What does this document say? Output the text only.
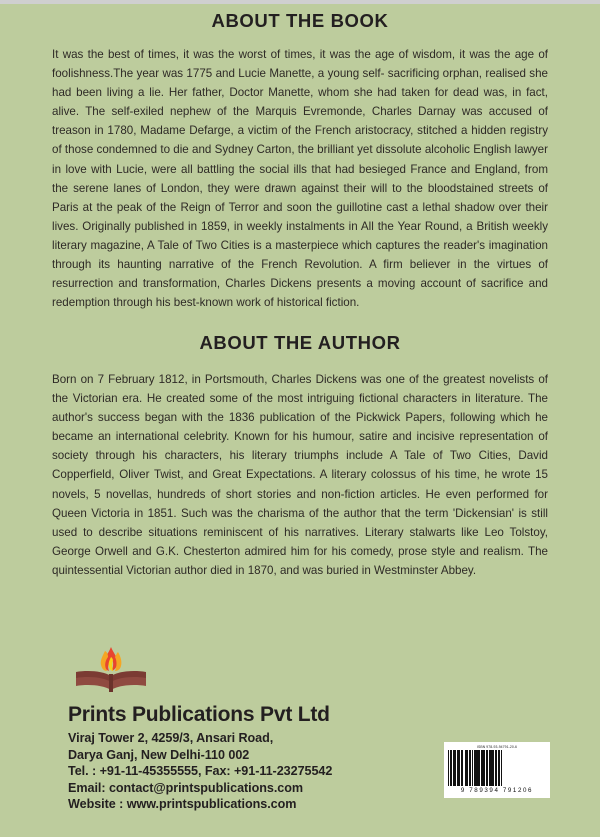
ABOUT THE BOOK

It was the best of times, it was the worst of times, it was the age of wisdom, it was the age of foolishness.The year was 1775 and Lucie Manette, a young self- sacrificing orphan, realised she had been living a lie. Her father, Doctor Manette, whom she had taken for dead was, in fact, alive. The self-exiled nephew of the Marquis Evremonde, Charles Darnay was accused of treason in 1780, Madame Defarge, a victim of the French aristocracy, stitched a hidden registry of those condemned to die and Sydney Carton, the brilliant yet dissolute alcoholic English lawyer in love with Lucie, were all battling the social ills that had besieged France and England, from the serene lanes of London, they were drawn against their will to the bloodstained streets of Paris at the peak of the Reign of Terror and soon the guillotine cast a lethal shadow over their lives. Originally published in 1859, in weekly instalments in All the Year Round, a British weekly literary magazine, A Tale of Two Cities is a masterpiece which captures the reader's imagination through its haunting narrative of the French Revolution. A firm believer in the virtues of resurrection and transformation, Charles Dickens presents a moving account of sacrifice and redemption through his best-known work of historical fiction.

ABOUT THE AUTHOR

Born on 7 February 1812, in Portsmouth, Charles Dickens was one of the greatest novelists of the Victorian era. He created some of the most intriguing fictional characters in literature. The author's success began with the 1836 publication of the Pickwick Papers, following which he became an international celebrity. Known for his humour, satire and incisive representation of society through his characters, his literary triumphs include A Tale of Two Cities, David Copperfield, Oliver Twist, and Great Expectations. A literary colossus of his time, he wrote 15 novels, 5 novellas, hundreds of short stories and non-fiction articles. He even performed for Queen Victoria in 1851. Such was the charisma of the author that the term 'Dickensian' is still used to describe situations reminiscent of his narratives. Literary stalwarts like Leo Tolstoy, George Orwell and G.K. Chesterton admired him for his comedy, prose style and realism. The quintessential Victorian author died in 1870, and was buried in Westminster Abbey.

Prints Publications Pvt Ltd
Viraj Tower 2, 4259/3, Ansari Road,
Darya Ganj, New Delhi-110 002
Tel. : +91-11-45355555, Fax: +91-11-23275542
Email: contact@printspublications.com
Website : www.printspublications.com
ISBN 978-93-94791-20-6
9 789394 791206
